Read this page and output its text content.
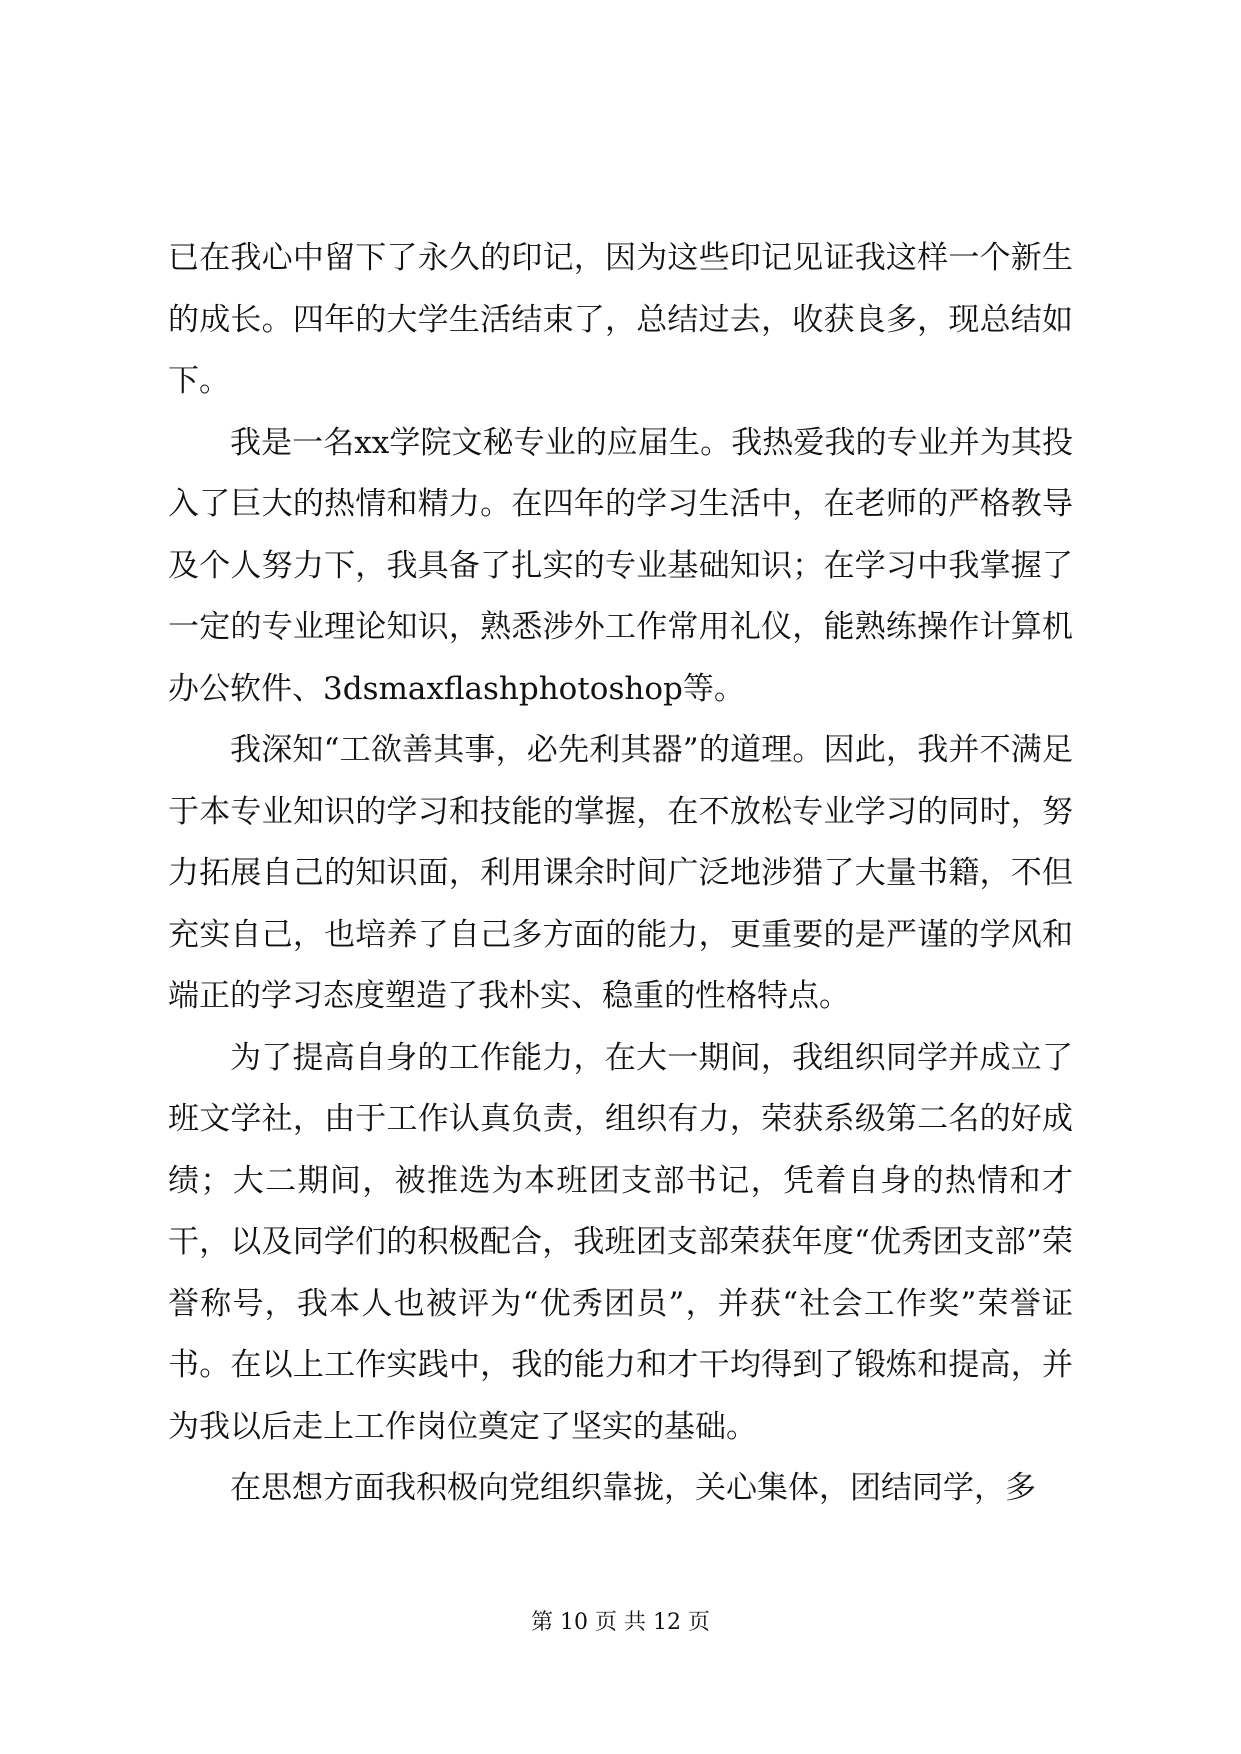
已在我心中留下了永久的印记，因为这些印记见证我这样一个新生的成长。四年的大学生活结束了，总结过去，收获良多，现总结如下。

我是一名xx学院文秘专业的应届生。我热爱我的专业并为其投入了巨大的热情和精力。在四年的学习生活中，在老师的严格教导及个人努力下，我具备了扎实的专业基础知识；在学习中我掌握了一定的专业理论知识，熟悉涉外工作常用礼仪，能熟练操作计算机办公软件、3dsmaxflashphotoshop等。

我深知“工欲善其事，必先利其器”的道理。因此，我并不满足于本专业知识的学习和技能的掌握，在不放松专业学习的同时，努力拓展自己的知识面，利用课余时间广泛地涉猎了大量书籍，不但充实自己，也培养了自己多方面的能力，更重要的是严谨的学风和端正的学习态度塑造了我朴实、稳重的性格特点。

为了提高自身的工作能力，在大一期间，我组织同学并成立了班文学社，由于工作认真负责，组织有力，荣获系级第二名的好成绩；大二期间，被推选为本班团支部书记，凭着自身的热情和才干，以及同学们的积极配合，我班团支部荣获年度“优秀团支部”荣誉称号，我本人也被评为“优秀团员”，并获“社会工作奖”荣誉证书。在以上工作实践中，我的能力和才干均得到了锻炼和提高，并为我以后走上工作岗位奠定了坚实的基础。

在思想方面我积极向党组织靠拢，关心集体，团结同学，多

第 10 页 共 12 页
